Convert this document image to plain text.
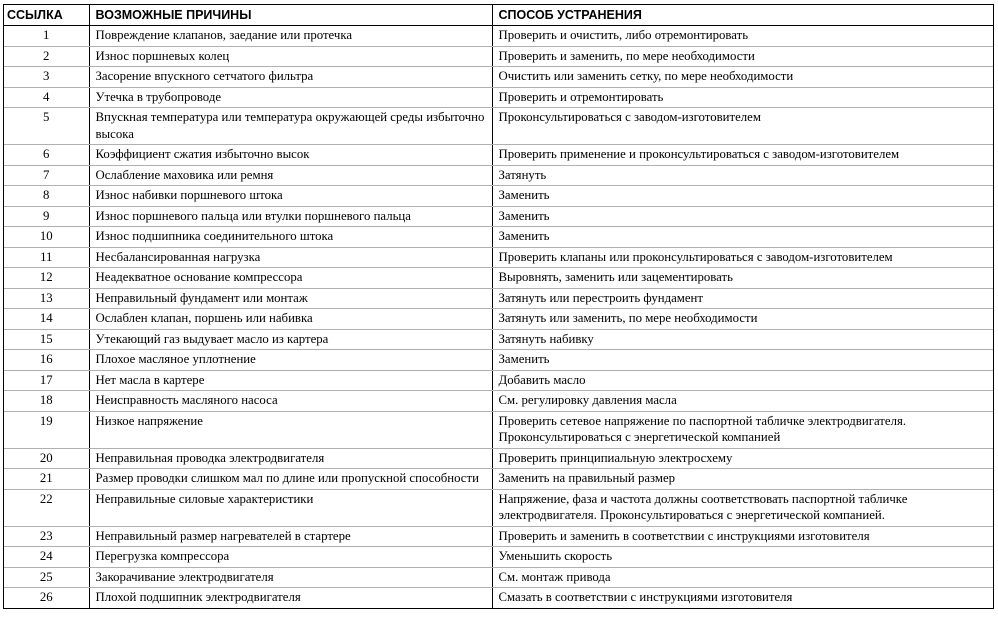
ССЫЛКА	ВОЗМОЖНЫЕ ПРИЧИНЫ	СПОСОБ УСТРАНЕНИЯ
1	Повреждение клапанов, заедание или протечка	Проверить и очистить, либо отремонтировать
2	Износ поршневых колец	Проверить и заменить, по мере необходимости
3	Засорение впускного сетчатого фильтра	Очистить или заменить сетку, по мере необходимости
4	Утечка в трубопроводе	Проверить и отремонтировать
5	Впускная температура или температура окружающей среды избыточно высока	Проконсультироваться с заводом-изготовителем
6	Коэффициент сжатия избыточно высок	Проверить применение и проконсультироваться с заводом-изготовителем
7	Ослабление маховика или ремня	Затянуть
8	Износ набивки поршневого штока	Заменить
9	Износ поршневого пальца или втулки поршневого пальца	Заменить
10	Износ подшипника соединительного штока	Заменить
11	Несбалансированная нагрузка	Проверить клапаны или проконсультироваться с заводом-изготовителем
12	Неадекватное основание компрессора	Выровнять, заменить или зацементировать
13	Неправильный фундамент или монтаж	Затянуть или перестроить фундамент
14	Ослаблен клапан, поршень или набивка	Затянуть или заменить, по мере необходимости
15	Утекающий газ выдувает масло из картера	Затянуть набивку
16	Плохое масляное уплотнение	Заменить
17	Нет масла в картере	Добавить масло
18	Неисправность масляного насоса	См. регулировку давления масла
19	Низкое напряжение	Проверить сетевое напряжение по паспортной табличке электродвигателя. Проконсультироваться с энергетической компанией
20	Неправильная проводка электродвигателя	Проверить принципиальную электросхему
21	Размер проводки слишком мал по длине или пропускной способности	Заменить на правильный размер
22	Неправильные силовые характеристики	Напряжение, фаза и частота должны соответствовать паспортной табличке электродвигателя. Проконсультироваться с энергетической компанией.
23	Неправильный размер нагревателей в стартере	Проверить и заменить в соответствии с инструкциями изготовителя
24	Перегрузка компрессора	Уменьшить скорость
25	Закорачивание электродвигателя	См. монтаж привода
26	Плохой подшипник электродвигателя	Смазать в соответствии с инструкциями изготовителя
